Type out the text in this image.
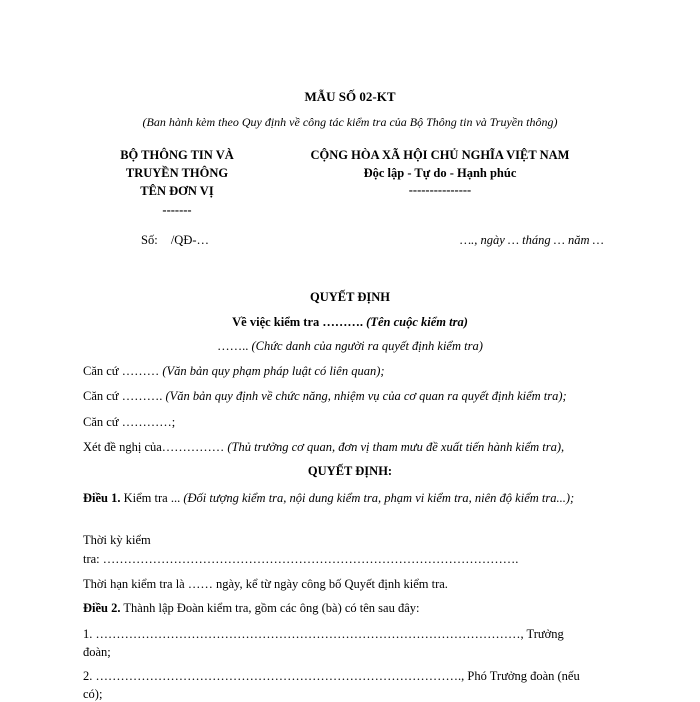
MẪU SỐ 02-KT
(Ban hành kèm theo Quy định về công tác kiểm tra của Bộ Thông tin và Truyền thông)
BỘ THÔNG TIN VÀ
TRUYỀN THÔNG
TÊN ĐƠN VỊ
-------
CỘNG HÒA XÃ HỘI CHỦ NGHĨA VIỆT NAM
Độc lập - Tự do - Hạnh phúc
---------------
Số: /QĐ-…	…., ngày … tháng … năm …
QUYẾT ĐỊNH
Về việc kiểm tra ………. (Tên cuộc kiểm tra)
…….. (Chức danh của người ra quyết định kiểm tra)
Căn cứ ……… (Văn bản quy phạm pháp luật có liên quan);
Căn cứ ………. (Văn bản quy định về chức năng, nhiệm vụ của cơ quan ra quyết định kiểm tra);
Căn cứ …………;
Xét đề nghị của…………… (Thủ trưởng cơ quan, đơn vị tham mưu đề xuất tiến hành kiểm tra),
QUYẾT ĐỊNH:
Điều 1. Kiểm tra ... (Đối tượng kiểm tra, nội dung kiểm tra, phạm vi kiểm tra, niên độ kiểm tra...);
Thời kỳ kiểm
tra: ……………………………………………………………………………………….
Thời hạn kiểm tra là …… ngày, kể từ ngày công bố Quyết định kiểm tra.
Điều 2. Thành lập Đoàn kiểm tra, gồm các ông (bà) có tên sau đây:
1. …………………………………………………………………………………………, Trưởng
đoàn;
2. ……………………………………………………………………………., Phó Trưởng đoàn (nếu
có);
